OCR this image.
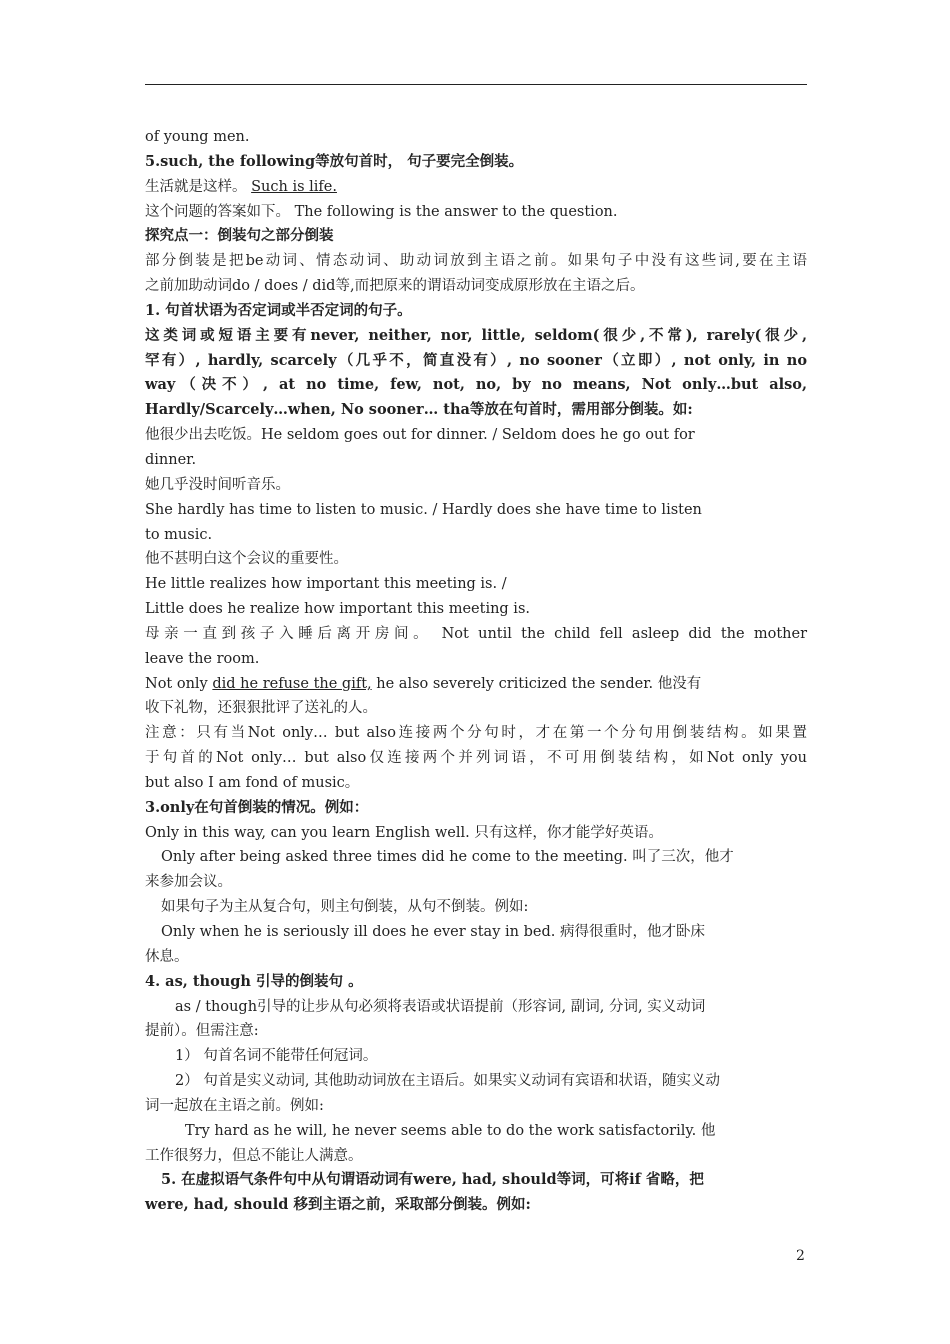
of young men.
5.such, the following等放句首时， 句子要完全倒装。
生活就是这样。 Such is life.
这个问题的答案如下。 The following is the answer to the question.
探究点一：倒装句之部分倒装
部分倒装是把be动词、情态动词、助动词放到主语之前。如果句子中没有这些词,要在主语
之前加助动词do / does / did等,而把原来的谓语动词变成原形放在主语之后。
1. 句首状语为否定词或半否定词的句子。
这类词或短语主要有never, neither, nor, little, seldom(很少,不常), rarely(很少,
罕有）, hardly, scarcely（几乎不，简直没有）, no sooner（立即）, not only, in no
way（决不）, at no time, few, not, no, by no means, Not only…but also,
Hardly/Scarcely…when, No sooner… tha等放在句首时，需用部分倒装。如:
他很少出去吃饭。He seldom goes out for dinner. / Seldom does he go out for
dinner.
她几乎没时间听音乐。
She hardly has time to listen to music. / Hardly does she have time to listen
to music.
他不甚明白这个会议的重要性。
He little realizes how important this meeting is. /
Little does he realize how important this meeting is.
母亲一直到孩子入睡后离开房间。 Not until the child fell asleep did the mother
leave the room.
Not only did he refuse the gift, he also severely criticized the sender. 他没有
收下礼物，还狠狠批评了送礼的人。
注意：只有当Not only… but also连接两个分句时，才在第一个分句用倒装结构。如果置
于句首的Not only… but also仅连接两个并列词语，不可用倒装结构，如Not only you
but also I am fond of music。
3.only在句首倒装的情况。例如：
Only in this way, can you learn English well. 只有这样，你才能学好英语。
Only after being asked three times did he come to the meeting. 叫了三次，他才
来参加会议。
如果句子为主从复合句，则主句倒装，从句不倒装。例如:
Only when he is seriously ill does he ever stay in bed. 病得很重时，他才卧床
休息。
4. as, though 引导的倒装句 。
as / though引导的让步从句必须将表语或状语提前（形容词, 副词, 分词, 实义动词
提前）。但需注意:
1） 句首名词不能带任何冠词。
2） 句首是实义动词, 其他助动词放在主语后。如果实义动词有宾语和状语，随实义动
词一起放在主语之前。例如:
Try hard as he will, he never seems able to do the work satisfactorily. 他
工作很努力，但总不能让人满意。
5. 在虚拟语气条件句中从句谓语动词有were, had, should等词，可将if 省略，把
were, had, should 移到主语之前，采取部分倒装。例如:
2
